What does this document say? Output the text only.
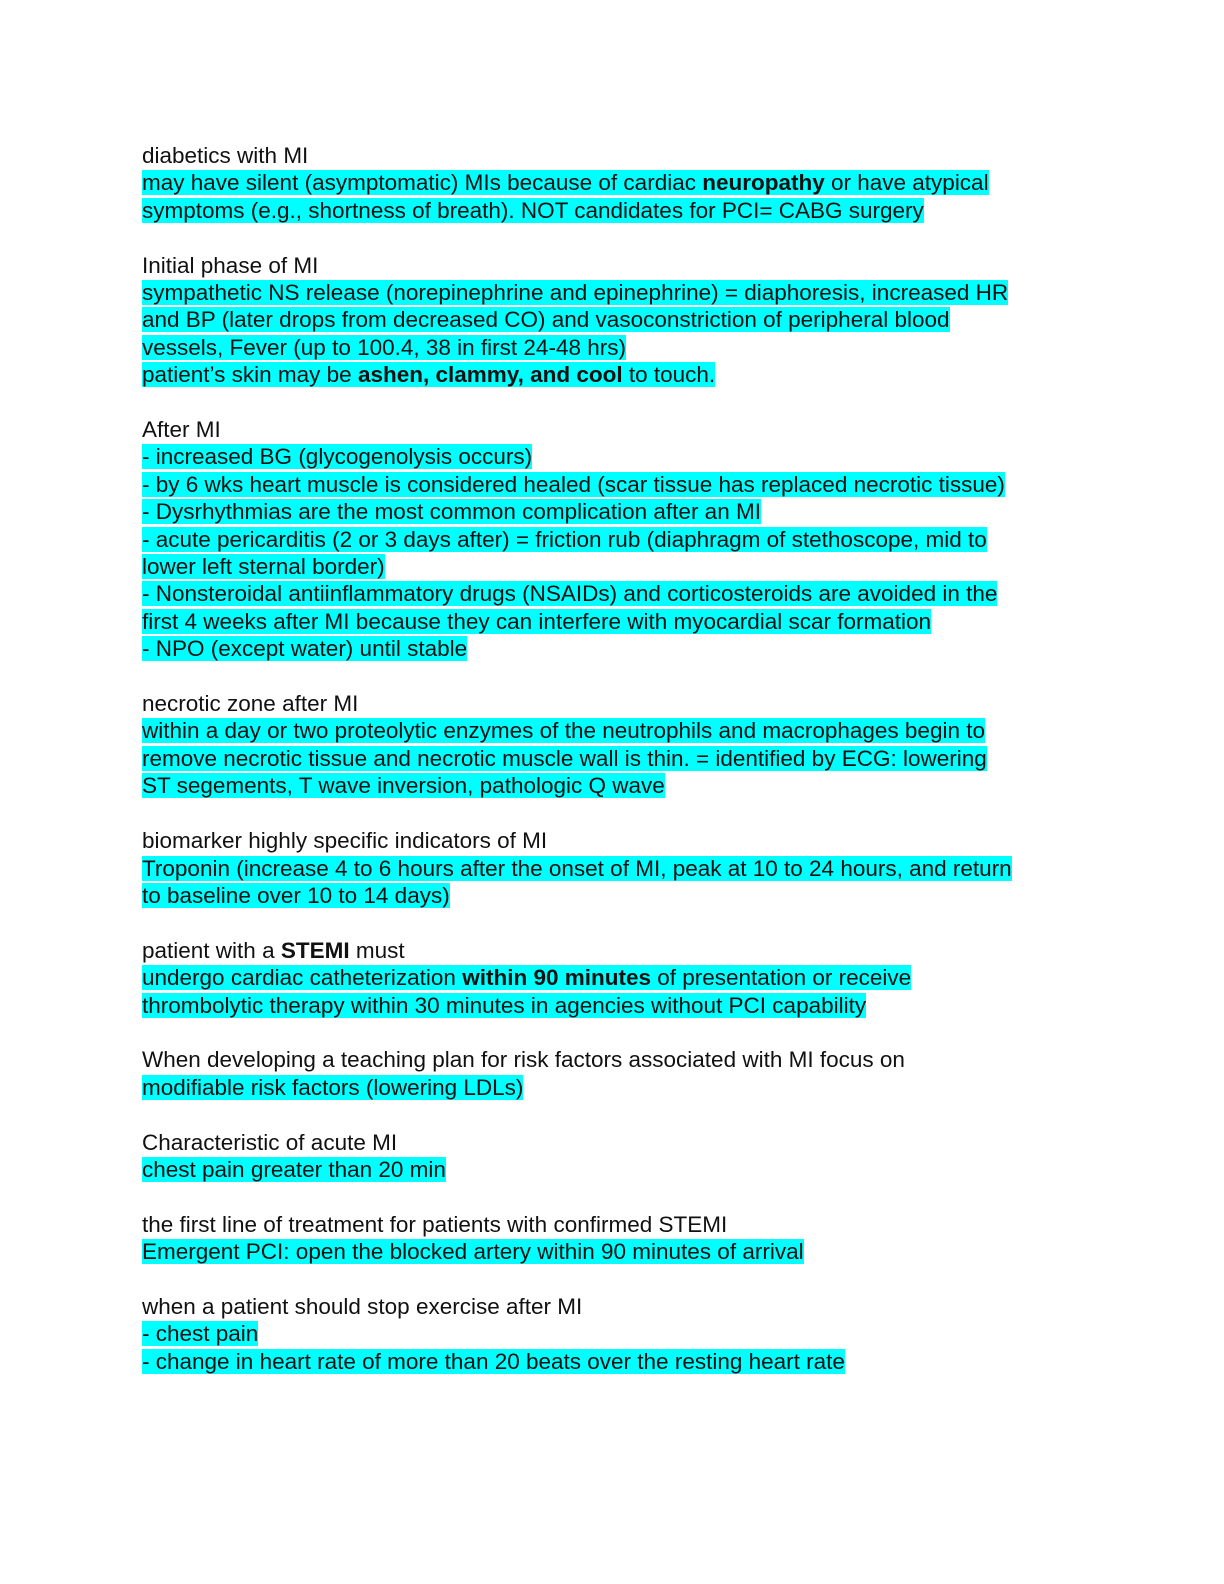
diabetics with MI
may have silent (asymptomatic) MIs because of cardiac neuropathy or have atypical
symptoms (e.g., shortness of breath). NOT candidates for PCI= CABG surgery
Initial phase of MI
sympathetic NS release (norepinephrine and epinephrine) = diaphoresis, increased HR
and BP (later drops from decreased CO) and vasoconstriction of peripheral blood
vessels, Fever (up to 100.4, 38 in first 24-48 hrs)
patient’s skin may be ashen, clammy, and cool to touch.
After MI
- increased BG (glycogenolysis occurs)
- by 6 wks heart muscle is considered healed (scar tissue has replaced necrotic tissue)
- Dysrhythmias are the most common complication after an MI
- acute pericarditis (2 or 3 days after) = friction rub (diaphragm of stethoscope, mid to
lower left sternal border)
- Nonsteroidal antiinflammatory drugs (NSAIDs) and corticosteroids are avoided in the
first 4 weeks after MI because they can interfere with myocardial scar formation
- NPO (except water) until stable
necrotic zone after MI
within a day or two proteolytic enzymes of the neutrophils and macrophages begin to
remove necrotic tissue and necrotic muscle wall is thin. = identified by ECG: lowering
ST segements, T wave inversion, pathologic Q wave
biomarker highly specific indicators of MI
Troponin (increase 4 to 6 hours after the onset of MI, peak at 10 to 24 hours, and return
to baseline over 10 to 14 days)
patient with a STEMI must
undergo cardiac catheterization within 90 minutes of presentation or receive
thrombolytic therapy within 30 minutes in agencies without PCI capability
When developing a teaching plan for risk factors associated with MI focus on
modifiable risk factors (lowering LDLs)
Characteristic of acute MI
chest pain greater than 20 min
the first line of treatment for patients with confirmed STEMI
Emergent PCI: open the blocked artery within 90 minutes of arrival
when a patient should stop exercise after MI
- chest pain
- change in heart rate of more than 20 beats over the resting heart rate
